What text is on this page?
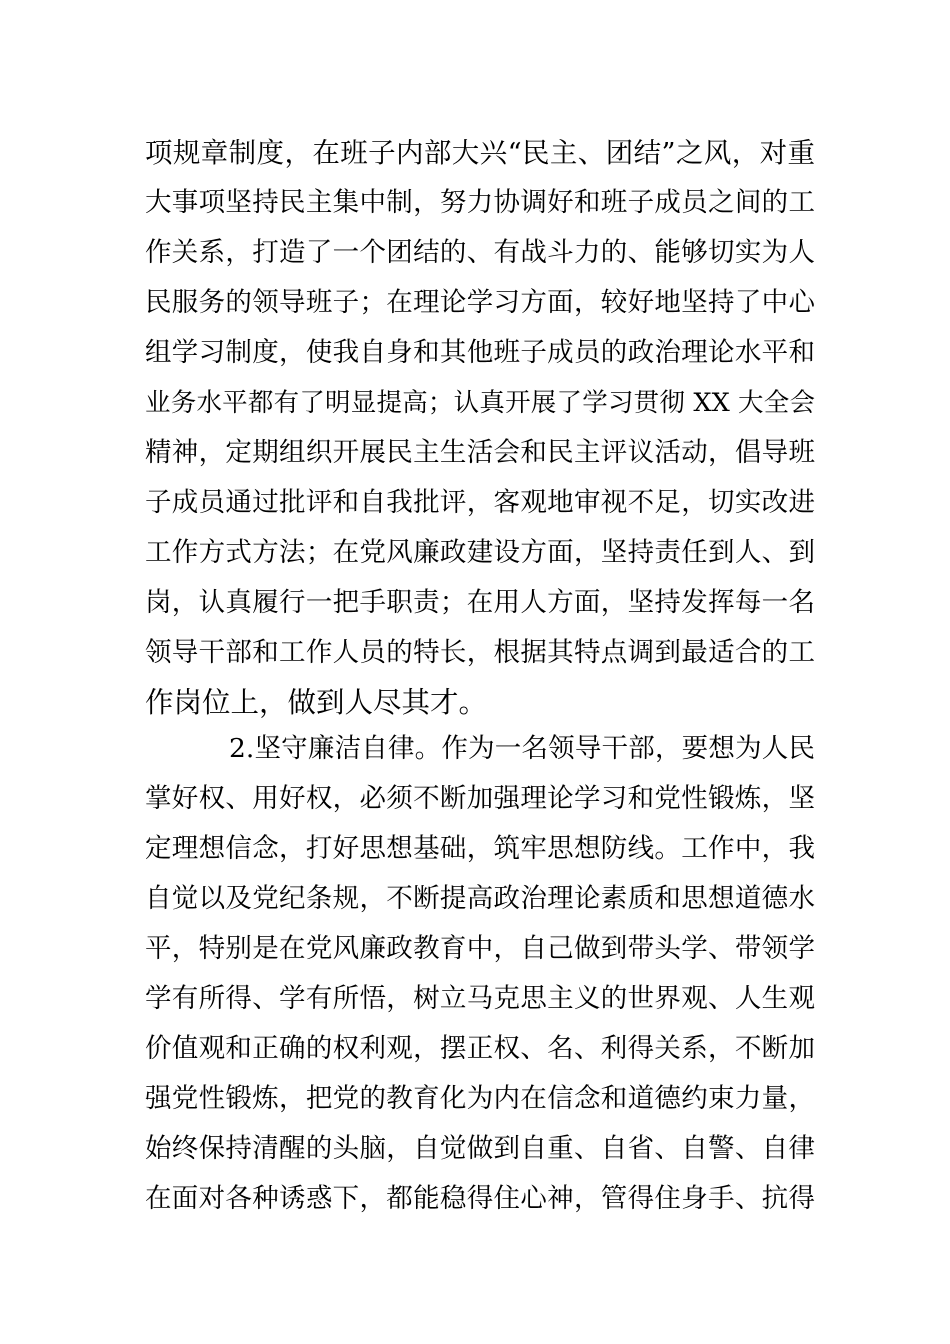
项规章制度，在班子内部大兴“民主、团结”之风，对重
大事项坚持民主集中制，努力协调好和班子成员之间的工
作关系，打造了一个团结的、有战斗力的、能够切实为人
民服务的领导班子；在理论学习方面，较好地坚持了中心
组学习制度，使我自身和其他班子成员的政治理论水平和
业务水平都有了明显提高；认真开展了学习贯彻 XX 大全会
精神，定期组织开展民主生活会和民主评议活动，倡导班
子成员通过批评和自我批评，客观地审视不足，切实改进
工作方式方法；在党风廉政建设方面，坚持责任到人、到
岗，认真履行一把手职责；在用人方面，坚持发挥每一名
领导干部和工作人员的特长，根据其特点调到最适合的工
作岗位上，做到人尽其才。
2.坚守廉洁自律。作为一名领导干部，要想为人民
掌好权、用好权，必须不断加强理论学习和党性锻炼，坚
定理想信念，打好思想基础，筑牢思想防线。工作中，我
自觉以及党纪条规，不断提高政治理论素质和思想道德水
平，特别是在党风廉政教育中，自己做到带头学、带领学
学有所得、学有所悟，树立马克思主义的世界观、人生观
价值观和正确的权利观，摆正权、名、利得关系，不断加
强党性锻炼，把党的教育化为内在信念和道德约束力量，
始终保持清醒的头脑，自觉做到自重、自省、自警、自律
在面对各种诱惑下，都能稳得住心神，管得住身手、抗得
